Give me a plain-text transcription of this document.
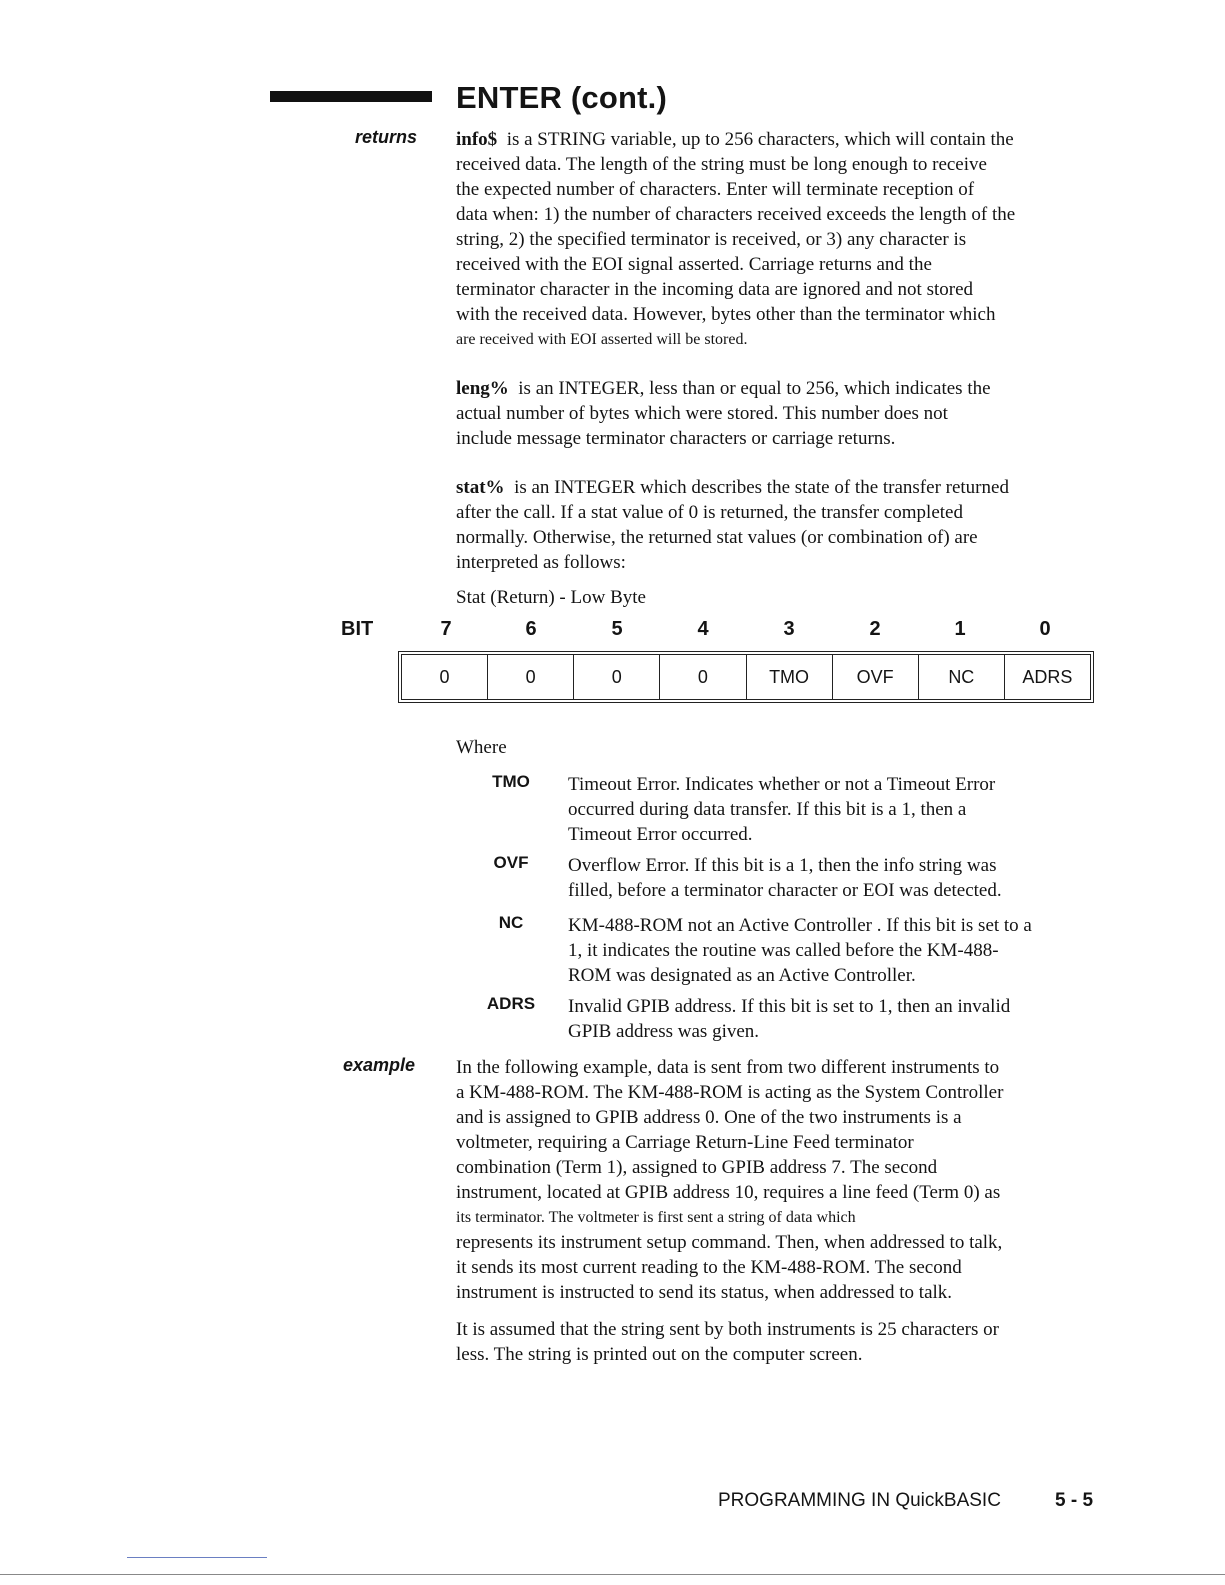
ENTER (cont.)
returns info$ is a STRING variable, up to 256 characters, which will contain the
received data. The length of the string must be long enough to receive
the expected number of characters. Enter will terminate reception of
data when: 1) the number of characters received exceeds the length of the
string, 2) the specified terminator is received, or 3) any character is
received with the EOI signal asserted. Carriage returns and the
terminator character in the incoming data are ignored and not stored
with the received data. However, bytes other than the terminator which
are received with EOI asserted will be stored.
leng% is an INTEGER, less than or equal to 256, which indicates the
actual number of bytes which were stored. This number does not
include message terminator characters or carriage returns.
stat% is an INTEGER which describes the state of the transfer returned
after the call. If a stat value of 0 is returned, the transfer completed
normally. Otherwise, the returned stat values (or combination of) are
interpreted as follows:
Stat (Return) - Low Byte
BIT	7	6	5	4	3	2	1	0
0	0	0	0	TMO	OVF	NC	ADRS
Where
TMO	Timeout Error. Indicates whether or not a Timeout Error
occurred during data transfer. If this bit is a 1, then a
Timeout Error occurred.
OVF	Overflow Error. If this bit is a 1, then the info string was
filled, before a terminator character or EOI was detected.
NC	KM-488-ROM not an Active Controller . If this bit is set to a
1, it indicates the routine was called before the KM-488-
ROM was designated as an Active Controller.
ADRS	Invalid GPIB address. If this bit is set to 1, then an invalid
GPIB address was given.
example In the following example, data is sent from two different instruments to
a KM-488-ROM. The KM-488-ROM is acting as the System Controller
and is assigned to GPIB address 0. One of the two instruments is a
voltmeter, requiring a Carriage Return-Line Feed terminator
combination (Term 1), assigned to GPIB address 7. The second
instrument, located at GPIB address 10, requires a line feed (Term 0) as
its terminator. The voltmeter is first sent a string of data which
represents its instrument setup command. Then, when addressed to talk,
it sends its most current reading to the KM-488-ROM. The second
instrument is instructed to send its status, when addressed to talk.
It is assumed that the string sent by both instruments is 25 characters or
less. The string is printed out on the computer screen.
PROGRAMMING IN QuickBASIC	5 - 5
